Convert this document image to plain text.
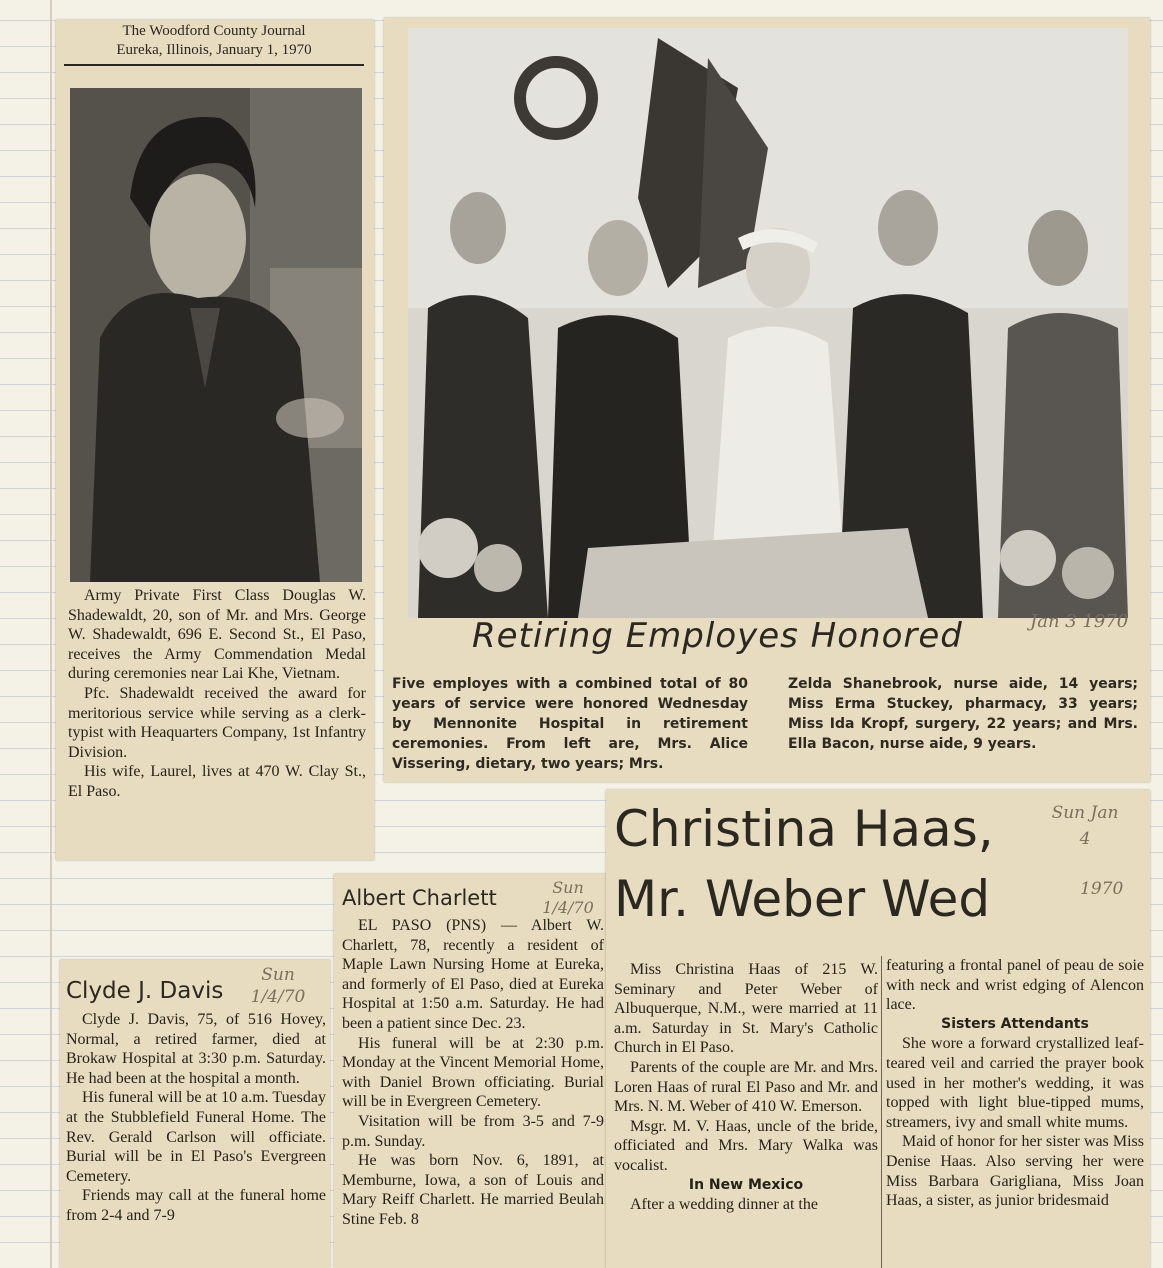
The Woodford County Journal
Eureka, Illinois, January 1, 1970

Army Private First Class Douglas W. Shadewaldt, 20, son of Mr. and Mrs. George W. Shadewaldt, 696 E. Second St., El Paso, receives the Army Commendation Medal during ceremonies near Lai Khe, Vietnam.

Pfc. Shadewaldt received the award for meritorious service while serving as a clerk-typist with Heaquarters Company, 1st Infantry Division.

His wife, Laurel, lives at 470 W. Clay St., El Paso.

Retiring Employes Honored	Jan 3 1970
Five employes with a combined total of 80 years of service were honored Wednesday by Mennonite Hospital in retirement ceremonies. From left are, Mrs. Alice Vissering, dietary, two years; Mrs.
Zelda Shanebrook, nurse aide, 14 years; Miss Erma Stuckey, pharmacy, 33 years; Miss Ida Kropf, surgery, 22 years; and Mrs. Ella Bacon, nurse aide, 9 years.
Clyde J. Davis
Sun 1/4/70

Clyde J. Davis, 75, of 516 Hovey, Normal, a retired farmer, died at Brokaw Hospital at 3:30 p.m. Saturday. He had been at the hospital a month.

His funeral will be at 10 a.m. Tuesday at the Stubblefield Funeral Home. The Rev. Gerald Carlson will officiate. Burial will be in El Paso's Evergreen Cemetery.

Friends may call at the funeral home from 2-4 and 7-9

Albert Charlett	Sun 1/4/70

EL PASO (PNS) — Albert W. Charlett, 78, recently a resident of Maple Lawn Nursing Home at Eureka, and formerly of El Paso, died at Eureka Hospital at 1:50 a.m. Saturday. He had been a patient since Dec. 23.

His funeral will be at 2:30 p.m. Monday at the Vincent Memorial Home, with Daniel Brown officiating. Burial will be in Evergreen Cemetery.

Visitation will be from 3-5 and 7-9 p.m. Sunday.

He was born Nov. 6, 1891, at Memburne, Iowa, a son of Louis and Mary Reiff Charlett. He married Beulah Stine Feb. 8

Christina Haas,
Mr. Weber Wed
Sun Jan 4
1970

Miss Christina Haas of 215 W. Seminary and Peter Weber of Albuquerque, N.M., were married at 11 a.m. Saturday in St. Mary's Catholic Church in El Paso.

Parents of the couple are Mr. and Mrs. Loren Haas of rural El Paso and Mr. and Mrs. N. M. Weber of 410 W. Emerson.

Msgr. M. V. Haas, uncle of the bride, officiated and Mrs. Mary Walka was vocalist.

In New Mexico

After a wedding dinner at the

featuring a frontal panel of peau de soie with neck and wrist edging of Alencon lace.

Sisters Attendants

She wore a forward crystallized leaf-teared veil and carried the prayer book used in her mother's wedding, it was topped with light blue-tipped mums, streamers, ivy and small white mums.

Maid of honor for her sister was Miss Denise Haas. Also serving her were Miss Barbara Garigliana, Miss Joan Haas, a sister, as junior bridesmaid
